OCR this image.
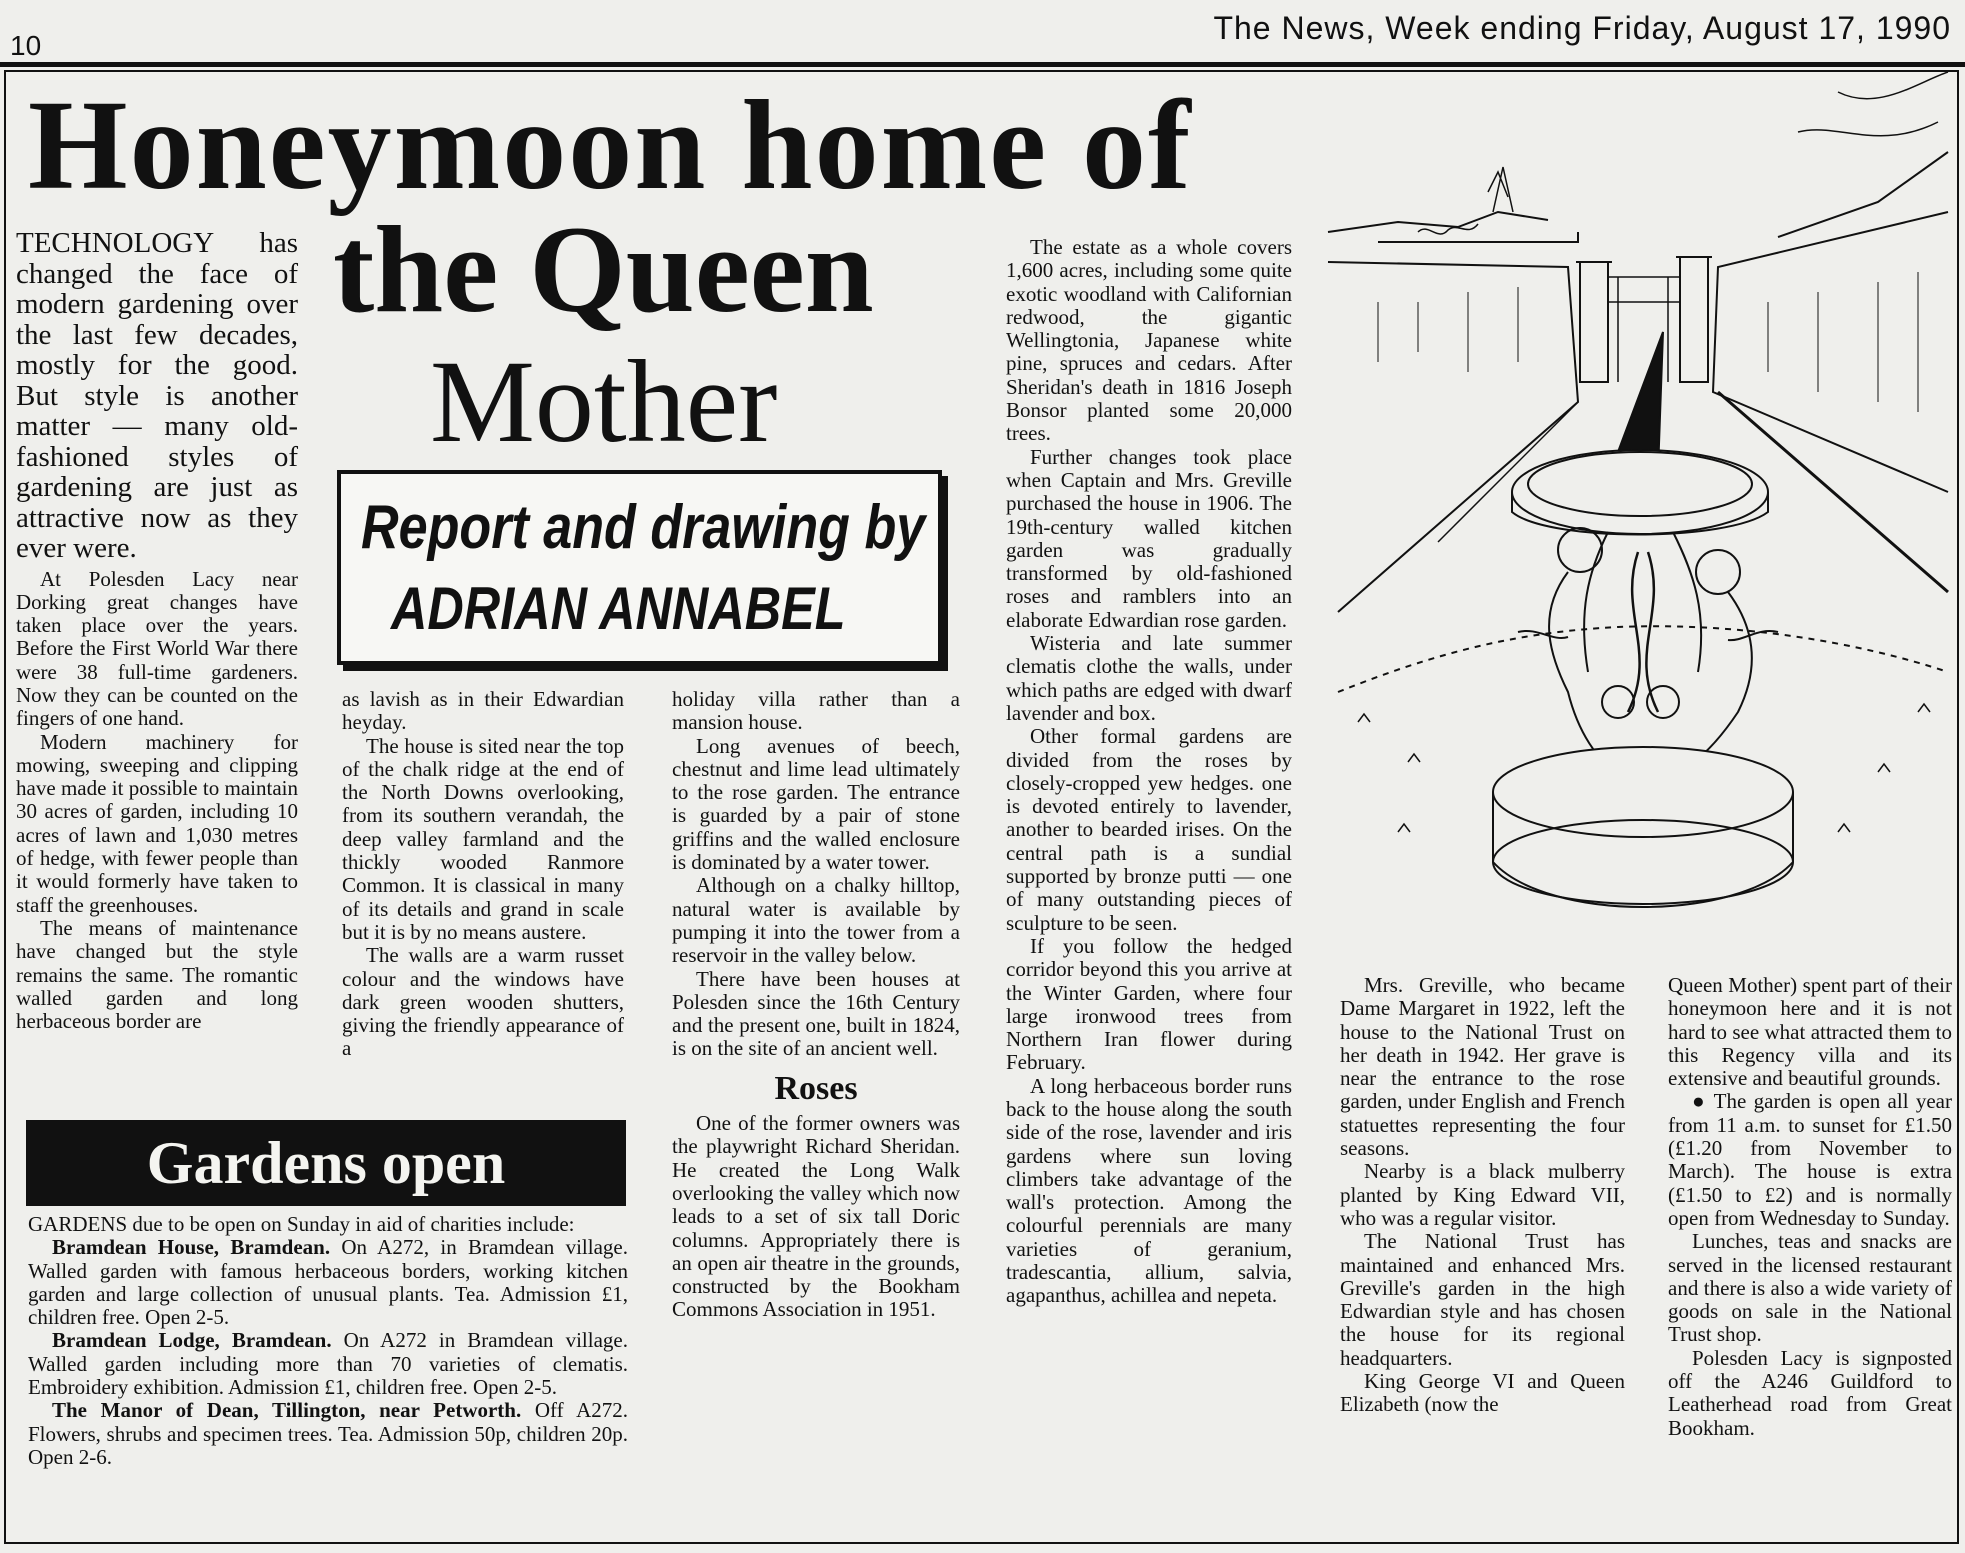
10	The News, Week ending Friday, August 17, 1990
Honeymoon home of
the Queen
Mother
Report and drawing by
ADRIAN ANNABEL
TECHNOLOGY has changed the face of modern gardening over the last few decades, mostly for the good. But style is another matter — many old-fashioned styles of gardening are just as attractive now as they ever were.

At Polesden Lacy near Dorking great changes have taken place over the years. Before the First World War there were 38 full-time gardeners. Now they can be counted on the fingers of one hand.

Modern machinery for mowing, sweeping and clipping have made it possible to maintain 30 acres of garden, including 10 acres of lawn and 1,030 metres of hedge, with fewer people than it would formerly have taken to staff the greenhouses.

The means of maintenance have changed but the style remains the same. The romantic walled garden and long herbaceous border are

as lavish as in their Edwardian heyday.

The house is sited near the top of the chalk ridge at the end of the North Downs overlooking, from its southern verandah, the deep valley farmland and the thickly wooded Ranmore Common. It is classical in many of its details and grand in scale but it is by no means austere.

The walls are a warm russet colour and the windows have dark green wooden shutters, giving the friendly appearance of a

holiday villa rather than a mansion house.

Long avenues of beech, chestnut and lime lead ultimately to the rose garden. The entrance is guarded by a pair of stone griffins and the walled enclosure is dominated by a water tower.

Although on a chalky hilltop, natural water is available by pumping it into the tower from a reservoir in the valley below.

There have been houses at Polesden since the 16th Century and the present one, built in 1824, is on the site of an ancient well.

Roses

One of the former owners was the playwright Richard Sheridan. He created the Long Walk overlooking the valley which now leads to a set of six tall Doric columns. Appropriately there is an open air theatre in the grounds, constructed by the Bookham Commons Association in 1951.

The estate as a whole covers 1,600 acres, including some quite exotic woodland with Californian redwood, the gigantic Wellingtonia, Japanese white pine, spruces and cedars. After Sheridan's death in 1816 Joseph Bonsor planted some 20,000 trees.

Further changes took place when Captain and Mrs. Greville purchased the house in 1906. The 19th-century walled kitchen garden was gradually transformed by old-fashioned roses and ramblers into an elaborate Edwardian rose garden.

Wisteria and late summer clematis clothe the walls, under which paths are edged with dwarf lavender and box.

Other formal gardens are divided from the roses by closely-cropped yew hedges. one is devoted entirely to lavender, another to bearded irises. On the central path is a sundial supported by bronze putti — one of many outstanding pieces of sculpture to be seen.

If you follow the hedged corridor beyond this you arrive at the Winter Garden, where four large ironwood trees from Northern Iran flower during February.

A long herbaceous border runs back to the house along the south side of the rose, lavender and iris gardens where sun loving climbers take advantage of the wall's protection. Among the colourful perennials are many varieties of geranium, tradescantia, allium, salvia, agapanthus, achillea and nepeta.

Mrs. Greville, who became Dame Margaret in 1922, left the house to the National Trust on her death in 1942. Her grave is near the entrance to the rose garden, under English and French statuettes representing the four seasons.

Nearby is a black mulberry planted by King Edward VII, who was a regular visitor.

The National Trust has maintained and enhanced Mrs. Greville's garden in the high Edwardian style and has chosen the house for its regional headquarters.

King George VI and Queen Elizabeth (now the

Queen Mother) spent part of their honeymoon here and it is not hard to see what attracted them to this Regency villa and its extensive and beautiful grounds.

● The garden is open all year from 11 a.m. to sunset for £1.50 (£1.20 from November to March). The house is extra (£1.50 to £2) and is normally open from Wednesday to Sunday.

Lunches, teas and snacks are served in the licensed restaurant and there is also a wide variety of goods on sale in the National Trust shop.

Polesden Lacy is signposted off the A246 Guildford to Leatherhead road from Great Bookham.

Gardens open

GARDENS due to be open on Sunday in aid of charities include:

Bramdean House, Bramdean. On A272, in Bramdean village. Walled garden with famous herbaceous borders, working kitchen garden and large collection of unusual plants. Tea. Admission £1, children free. Open 2-5.

Bramdean Lodge, Bramdean. On A272 in Bramdean village. Walled garden including more than 70 varieties of clematis. Embroidery exhibition. Admission £1, children free. Open 2-5.

The Manor of Dean, Tillington, near Petworth. Off A272. Flowers, shrubs and specimen trees. Tea. Admission 50p, children 20p. Open 2-6.
